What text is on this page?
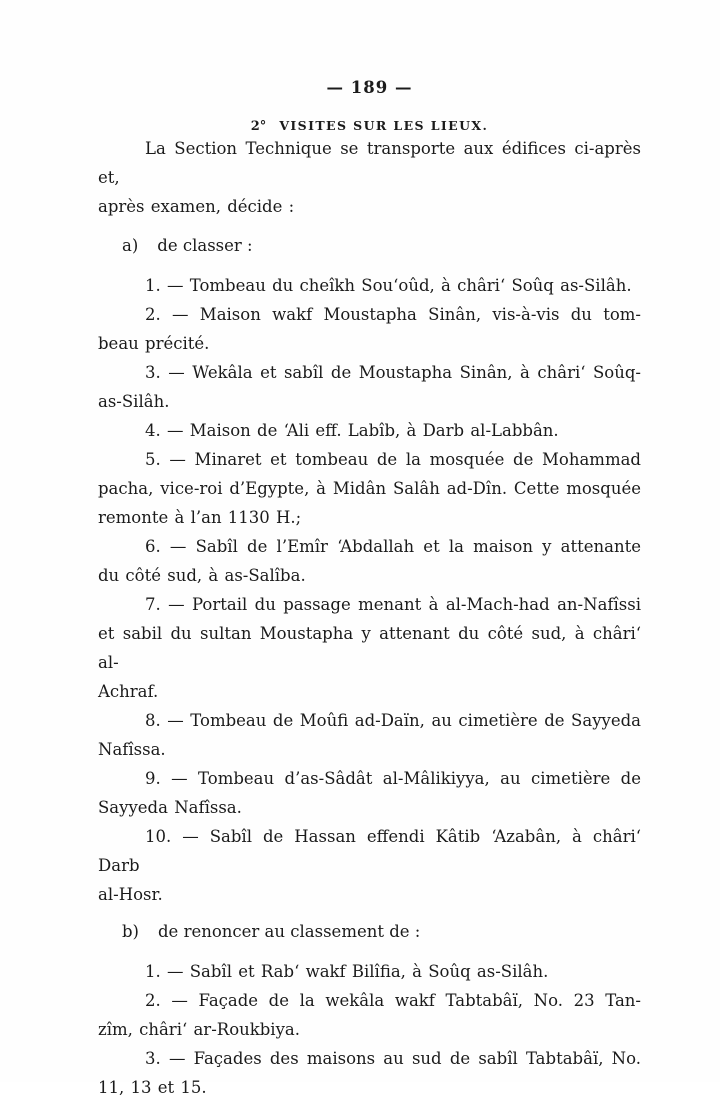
— 189 —
2° VISITES SUR LES LIEUX.
La Section Technique se transporte aux édifices ci-après et,
après examen, décide :
a) de classer :
1. — Tombeau du cheîkh Sou‘oûd, à châri‘ Soûq as-Silâh.
2. — Maison wakf Moustapha Sinân, vis-à-vis du tom-
beau précité.
3. — Wekâla et sabîl de Moustapha Sinân, à châri‘ Soûq-
as-Silâh.
4. — Maison de ‘Ali eff. Labîb, à Darb al-Labbân.
5. — Minaret et tombeau de la mosquée de Mohammad
pacha, vice-roi d’Egypte, à Midân Salâh ad-Dîn. Cette mosquée
remonte à l’an 1130 H.;
6. — Sabîl de l’Emîr ‘Abdallah et la maison y attenante
du côté sud, à as-Salîba.
7. — Portail du passage menant à al-Mach-had an-Nafîssi
et sabil du sultan Moustapha y attenant du côté sud, à châri‘ al-
Achraf.
8. — Tombeau de Moûfi ad-Daïn, au cimetière de Sayyeda
Nafîssa.
9. — Tombeau d’as-Sâdât al-Mâlikiyya, au cimetière de
Sayyeda Nafîssa.
10. — Sabîl de Hassan effendi Kâtib ‘Azabân, à châri‘ Darb
al-Hosr.
b) de renoncer au classement de :
1. — Sabîl et Rab‘ wakf Bilîfia, à Soûq as-Silâh.
2. — Façade de la wekâla wakf Tabtabâï, No. 23 Tan-
zîm, châri‘ ar-Roukbiya.
3. — Façades des maisons au sud de sabîl Tabtabâï, No.
11, 13 et 15.
